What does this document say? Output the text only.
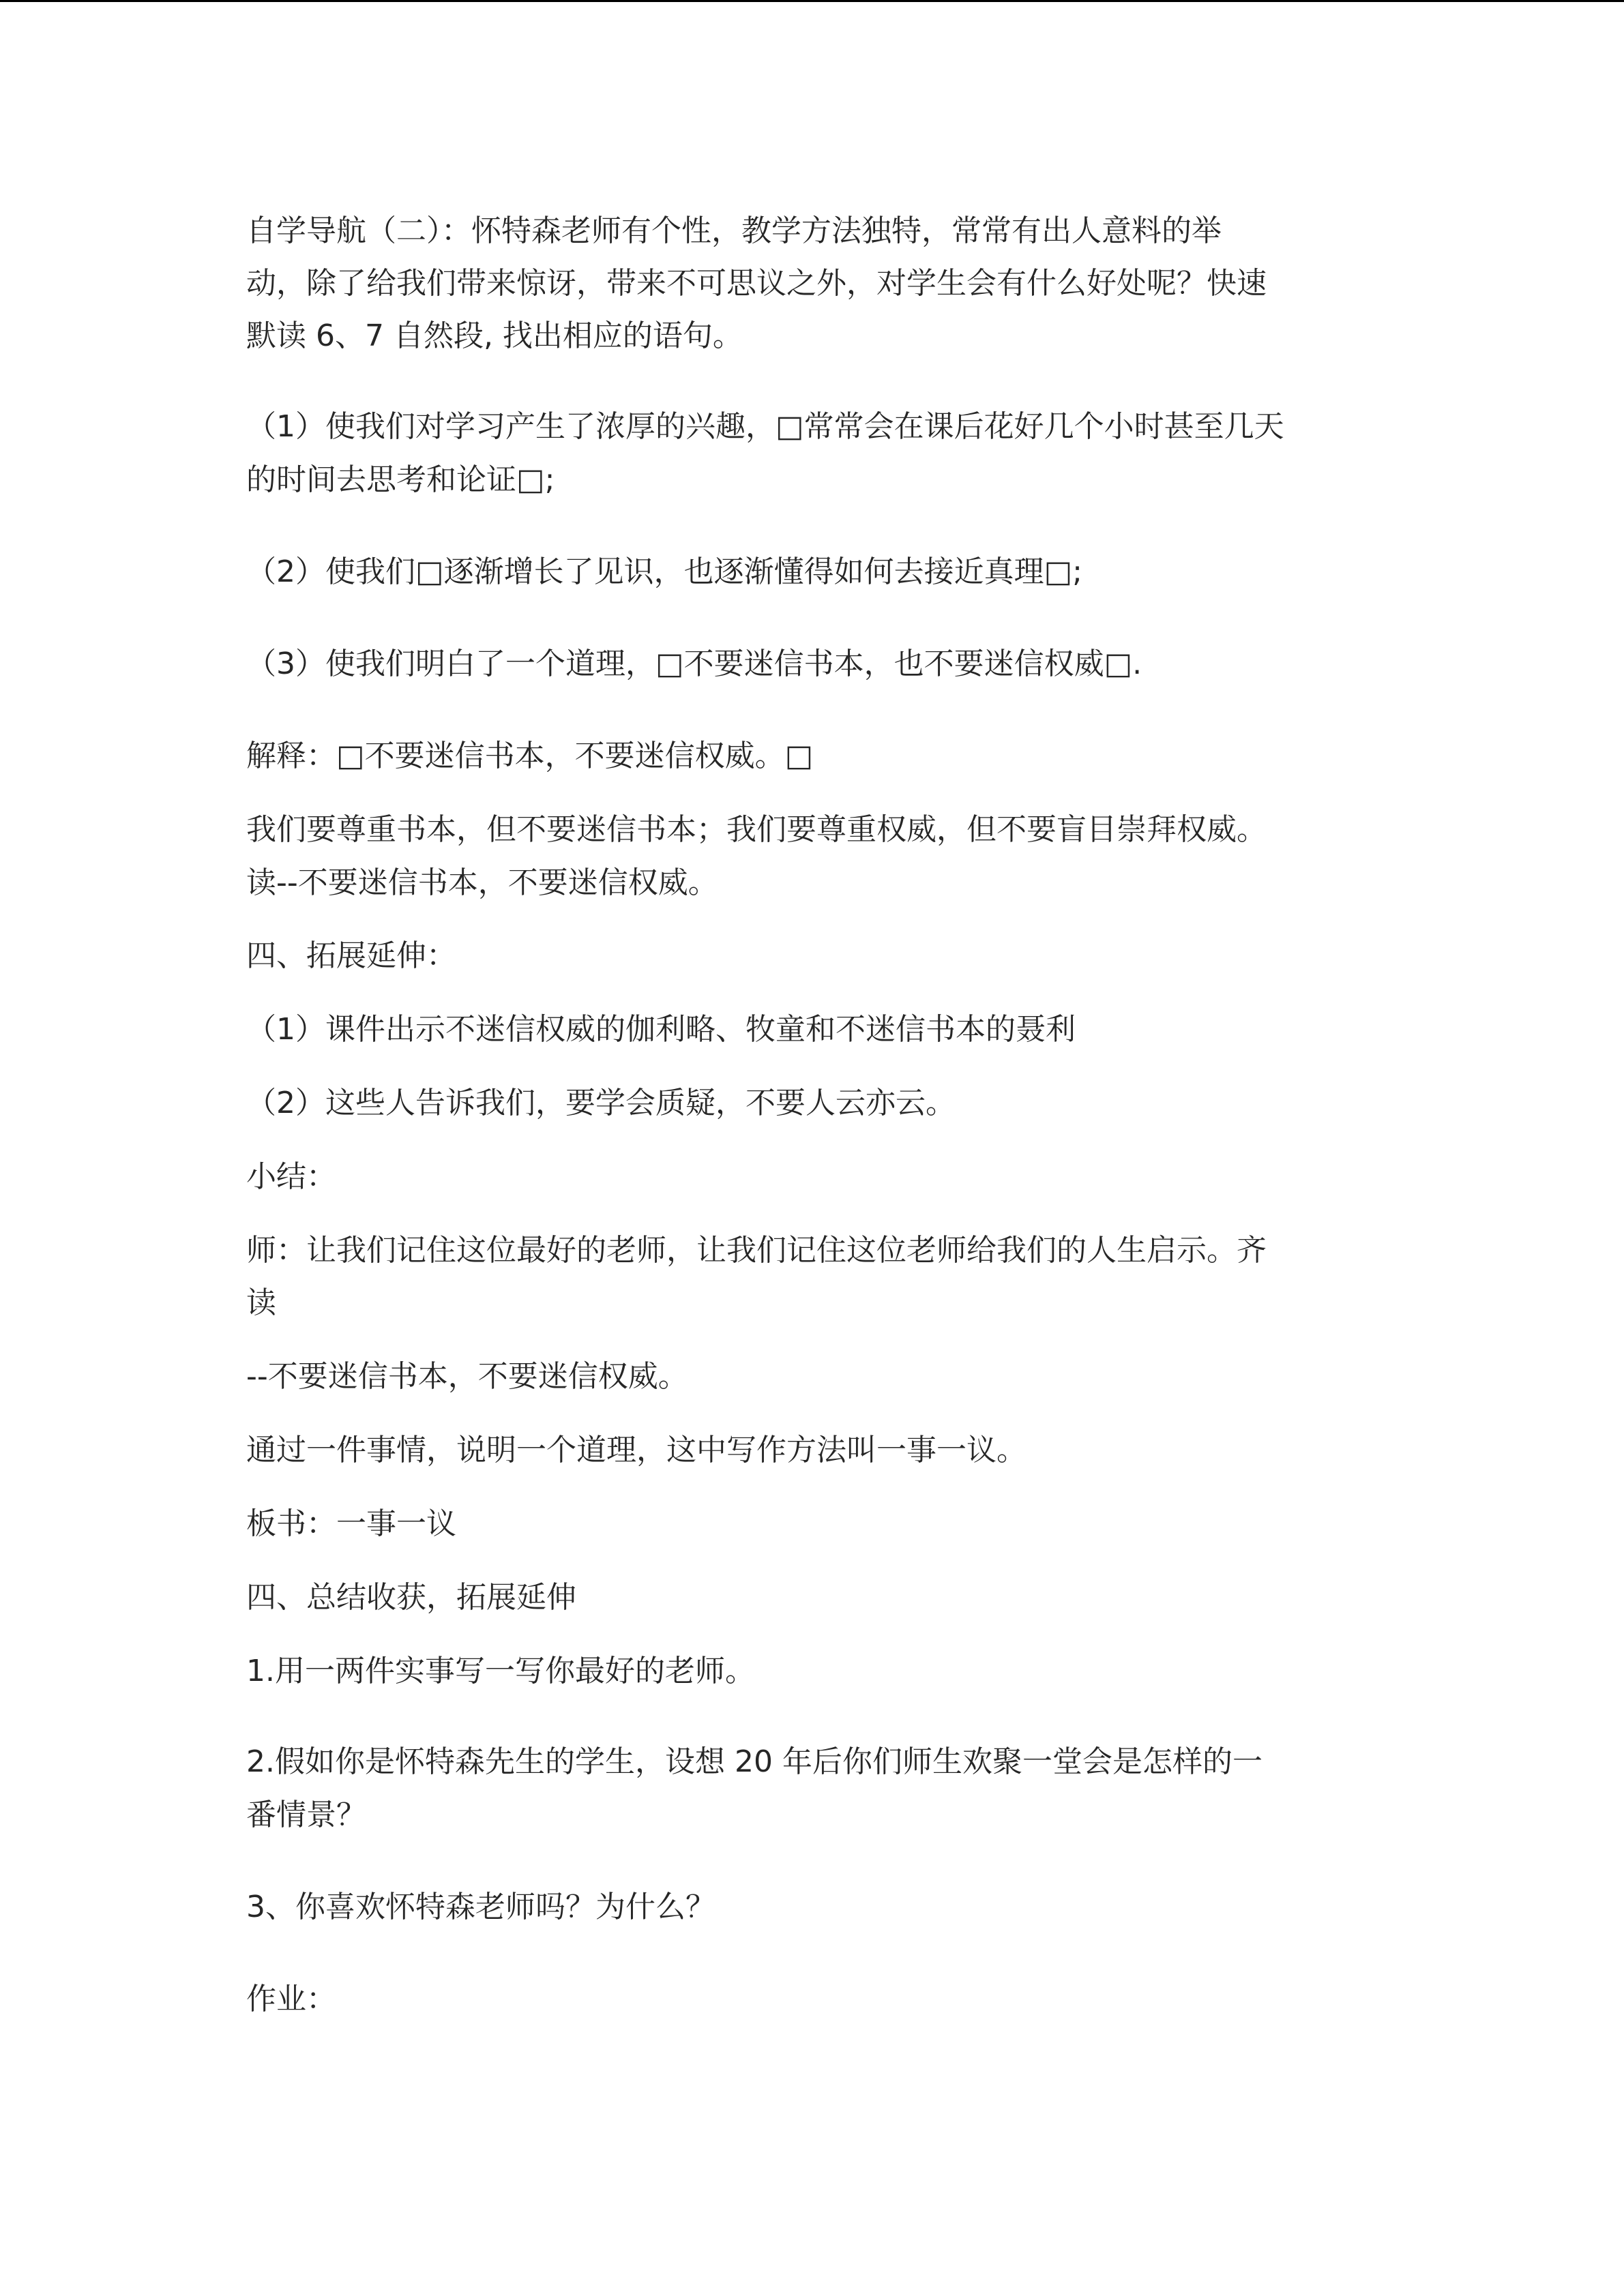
自学导航（二）：怀特森老师有个性，教学方法独特，常常有出人意料的举
动，除了给我们带来惊讶，带来不可思议之外，对学生会有什么好处呢？快速
默读 6、7 自然段, 找出相应的语句。
（1）使我们对学习产生了浓厚的兴趣，□常常会在课后花好几个小时甚至几天
的时间去思考和论证□;
（2）使我们□逐渐增长了见识，也逐渐懂得如何去接近真理□;
（3）使我们明白了一个道理，□不要迷信书本，也不要迷信权威□.
解释：□不要迷信书本，不要迷信权威。□
我们要尊重书本，但不要迷信书本；我们要尊重权威，但不要盲目崇拜权威。
读--不要迷信书本，不要迷信权威。
四、拓展延伸：
（1）课件出示不迷信权威的伽利略、牧童和不迷信书本的聂利
（2）这些人告诉我们，要学会质疑，不要人云亦云。
小结：
师：让我们记住这位最好的老师，让我们记住这位老师给我们的人生启示。齐
读
--不要迷信书本，不要迷信权威。
通过一件事情，说明一个道理，这中写作方法叫一事一议。
板书：一事一议
四、总结收获，拓展延伸
1.用一两件实事写一写你最好的老师。
2.假如你是怀特森先生的学生，设想 20 年后你们师生欢聚一堂会是怎样的一
番情景？
3、你喜欢怀特森老师吗？为什么？
作业：
